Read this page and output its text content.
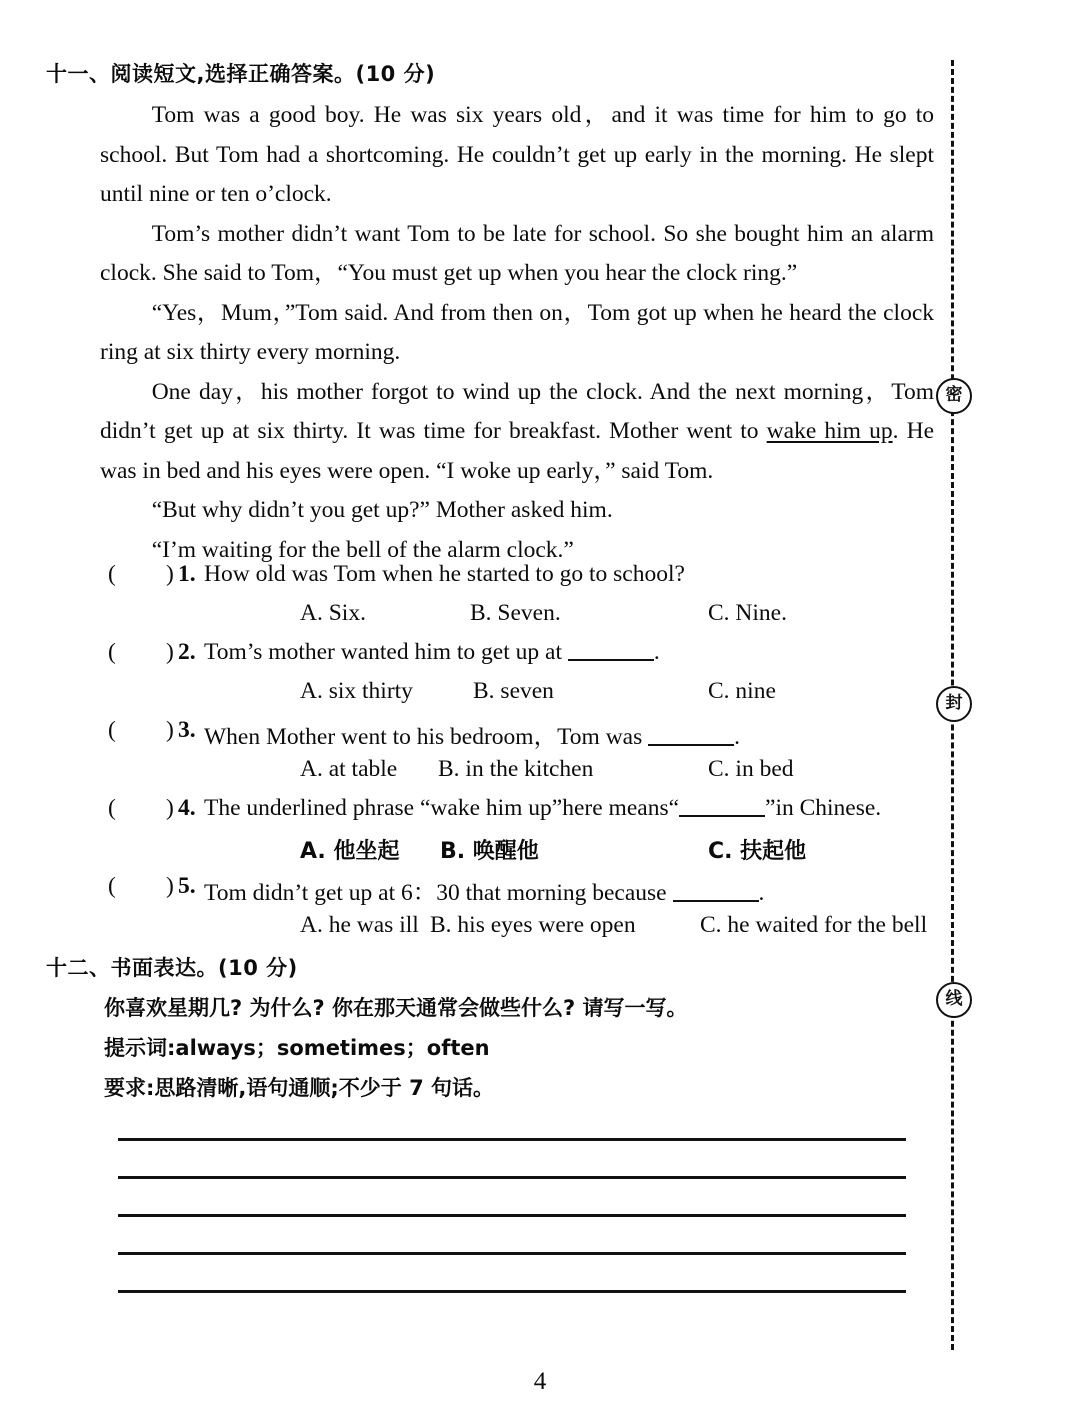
密
封
线
十一、阅读短文,选择正确答案。(10 分)

Tom was a good boy. He was six years old，and it was time for him to go to school. But Tom had a shortcoming. He couldn’t get up early in the morning. He slept until nine or ten o’clock.

Tom’s mother didn’t want Tom to be late for school. So she bought him an alarm clock. She said to Tom，“You must get up when you hear the clock ring.”

“Yes，Mum，”Tom said. And from then on，Tom got up when he heard the clock ring at six thirty every morning.

One day，his mother forgot to wind up the clock. And the next morning，Tom didn’t get up at six thirty. It was time for breakfast. Mother went to wake him up. He was in bed and his eyes were open. “I woke up early，” said Tom.

“But why didn’t you get up?” Mother asked him.

“I’m waiting for the bell of the alarm clock.”

( ) 1. How old was Tom when he started to go to school?
A. Six.	B. Seven.	C. Nine.
( ) 2. Tom’s mother wanted him to get up at	.
A. six thirty	B. seven	C. nine
( ) 3. When Mother went to his bedroom，Tom was	.
A. at table B. in the kitchen	C. in bed
( ) 4. The underlined phrase “wake him up”here means“	”in Chinese.
A. 他坐起 B. 唤醒他	C. 扶起他
( ) 5. Tom didn’t get up at 6：30 that morning because	.
A. he was ill B. his eyes were open	C. he waited for the bell
十二、书面表达。(10 分)
你喜欢星期几? 为什么? 你在那天通常会做些什么? 请写一写。
提示词:always；sometimes；often
要求:思路清晰,语句通顺;不少于 7 句话。
4
